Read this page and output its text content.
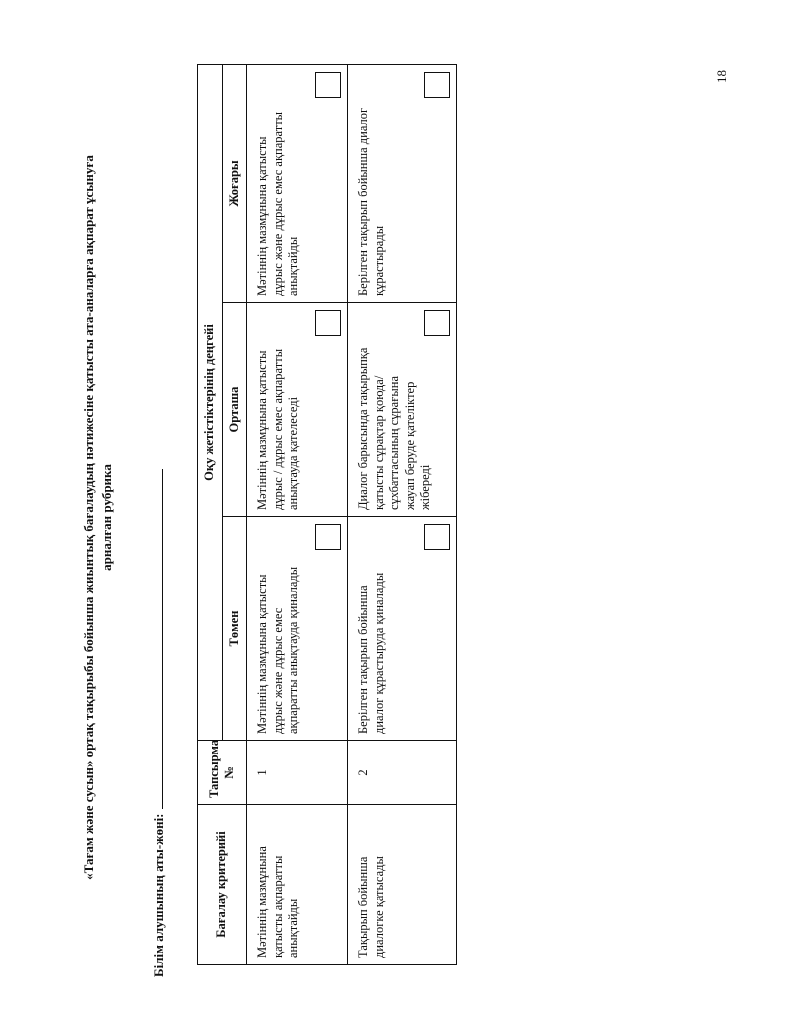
18
«Тағам және сусын» ортақ тақырыбы бойынша жиынтық бағалаудың нәтижесіне қатысты ата-аналарға ақпарат ұсынуға арналған рубрика
Білім алушының аты-жөні:	Бағалау критерийі	Тапсырма №	Оқу жетістіктерінің деңгейі		
		Төмен	Орташа	Жоғары
Мәтіннің мазмұнына қатысты ақпаратты анықтайды	1	Мәтіннің мазмұнына қатысты дұрыс және дұрыс емес ақпаратты анықтауда қиналады	Мәтіннің мазмұнына қатысты дұрыс / дұрыс емес ақпаратты анықтауда қателеседі	Мәтіннің мазмұнына қатысты дұрыс және дұрыс емес ақпаратты анықтайды

Тақырып бойынша диалогке қатысады	2	Берілген тақырып бойынша диалог құрастыруда қиналады	Диалог барысында тақырыпқа қатысты сұрақтар қоюда/ сұхбаттасының сұрағына жауап беруде қателіктер жібереді	Берілген тақырып бойынша диалог құрастырады
